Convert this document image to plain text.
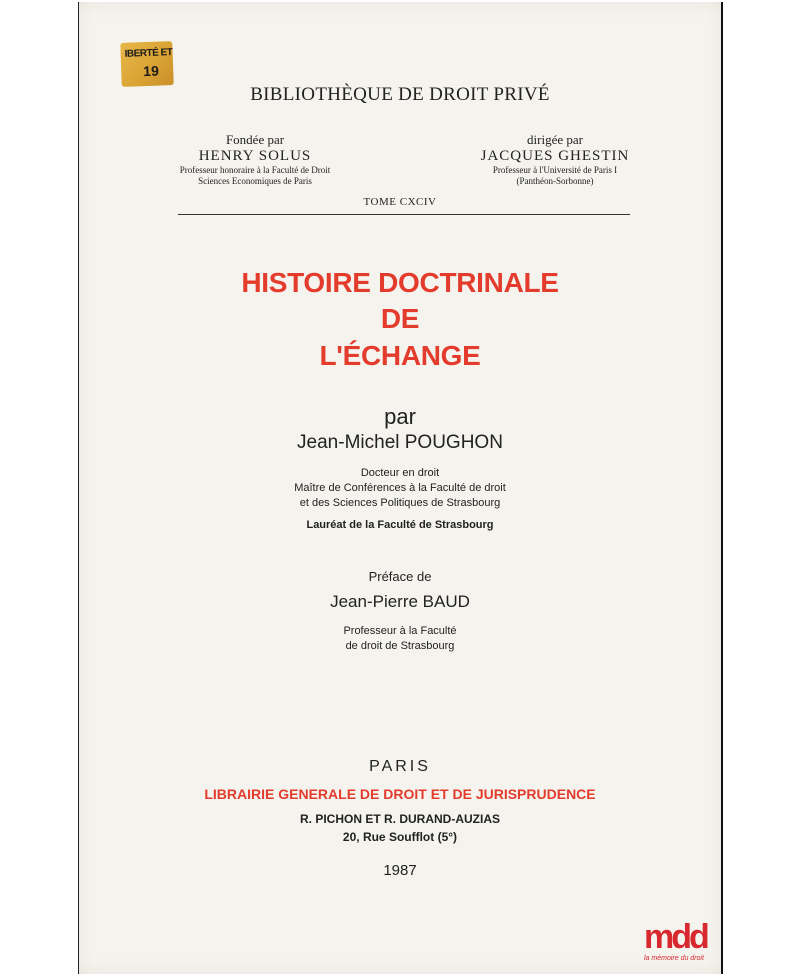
IBERTÉ ET
19
BIBLIOTHÈQUE DE DROIT PRIVÉ
Fondée par
HENRY SOLUS
Professeur honoraire à la Faculté de Droit
Sciences Economiques de Paris
dirigée par
JACQUES GHESTIN
Professeur à l'Université de Paris I
(Panthéon-Sorbonne)
TOME CXCIV
HISTOIRE DOCTRINALE
DE
L'ÉCHANGE
par
Jean-Michel POUGHON
Docteur en droit
Maître de Conférences à la Faculté de droit
et des Sciences Politiques de Strasbourg
Lauréat de la Faculté de Strasbourg
Préface de
Jean-Pierre BAUD
Professeur à la Faculté
de droit de Strasbourg
PARIS
LIBRAIRIE GENERALE DE DROIT ET DE JURISPRUDENCE
R. PICHON ET R. DURAND-AUZIAS
20, Rue Soufflot (5°)
1987
mdd
la mémoire du droit
